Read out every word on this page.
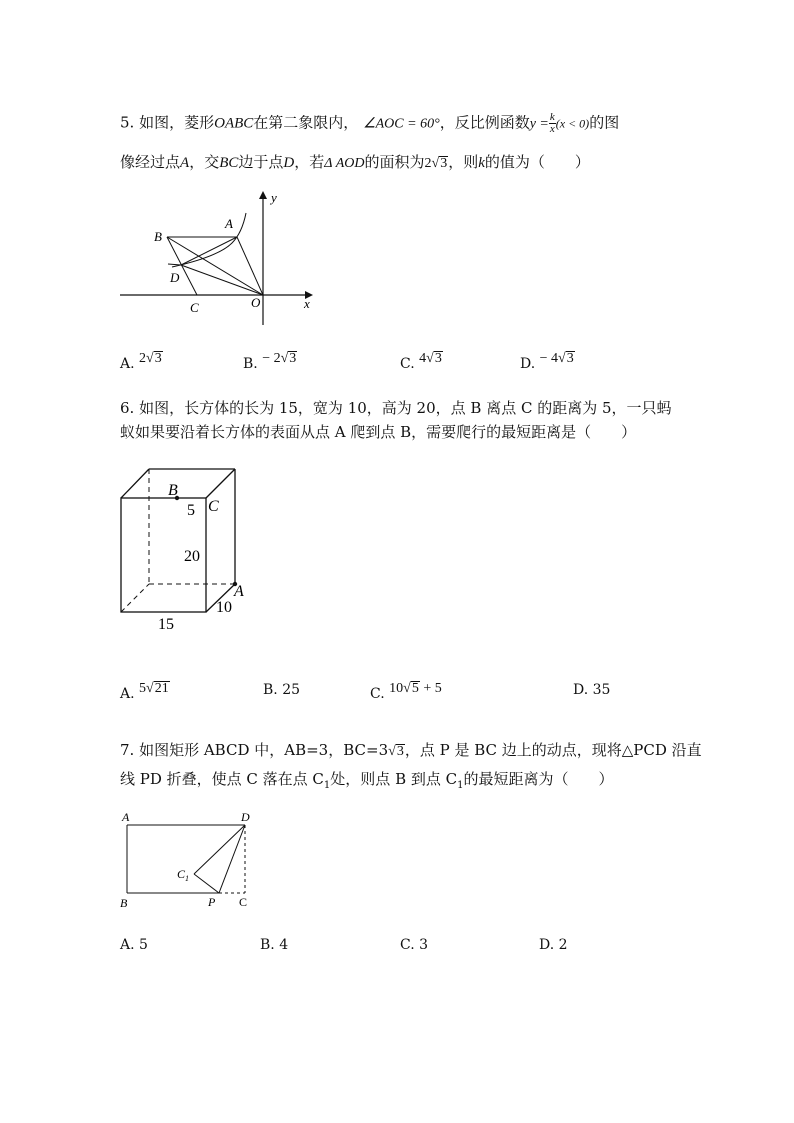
5. 如图，菱形OABC在第二象限内， ∠AOC = 60°，反比例函数$y = \frac{k}{x} (x < 0)$的图
像经过点A，交BC边于点D，若Δ AOD的面积为2√3，则k的值为（　　）
A
B
D
C	O	x
y
A. 2√3	B. − 2√3	C. 4√3	D. − 4√3
6. 如图，长方体的长为 15，宽为 10，高为 20，点 B 离点 C 的距离为 5，一只蚂
蚁如果要沿着长方体的表面从点 A 爬到点 B，需要爬行的最短距离是（　　）
B
C
5
20
A
10
15
A. 5√21	B. 25	C. 10√5 + 5	D. 35
7. 如图矩形 ABCD 中，AB=3，BC=3√3，点 P 是 BC 边上的动点，现将△PCD 沿直
线 PD 折叠，使点 C 落在点 $C_1$处，则点 B 到点 $C_1$的最短距离为（　　）
A	D
B	P C
$C_1$
A. 5	B. 4	C. 3	D. 2
